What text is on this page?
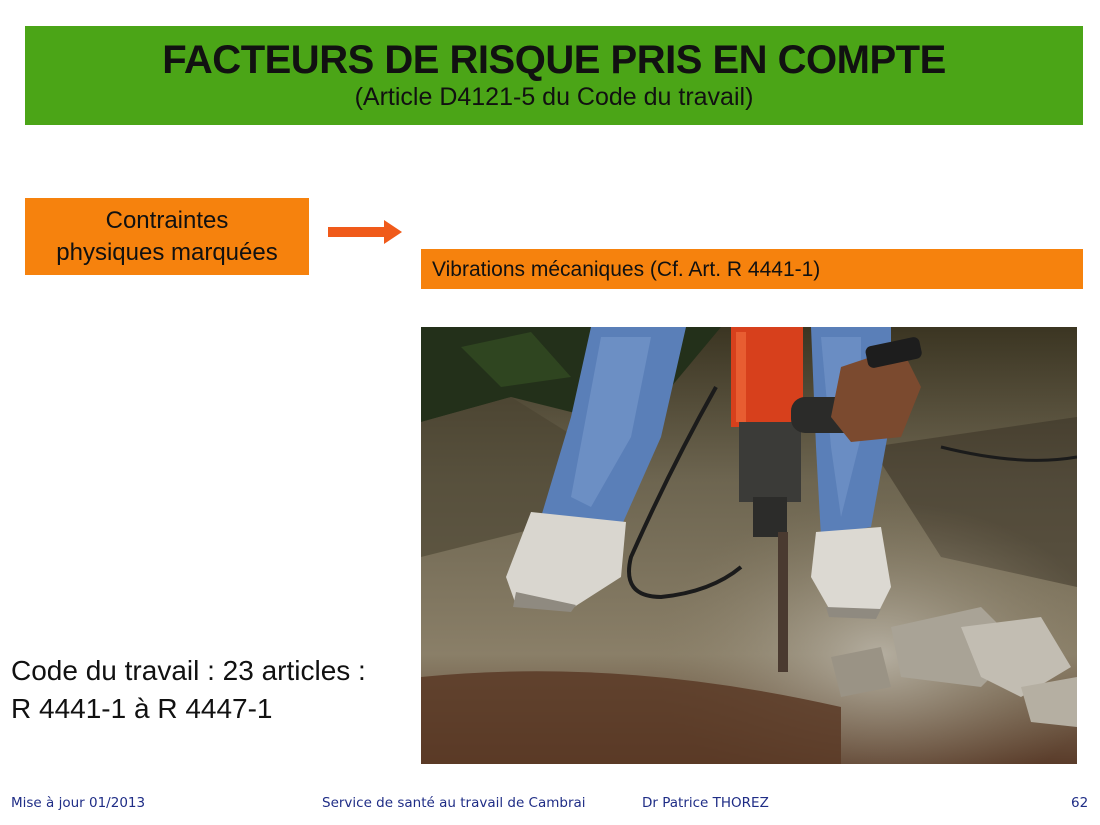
FACTEURS DE RISQUE PRIS EN COMPTE
(Article D4121-5 du Code du travail)
Contraintes
physiques marquées
Vibrations mécaniques (Cf. Art. R 4441-1)
Code du travail : 23 articles :
R 4441-1 à R 4447-1
Mise à jour 01/2013	Service de santé au travail de Cambrai	Dr Patrice THOREZ	62
